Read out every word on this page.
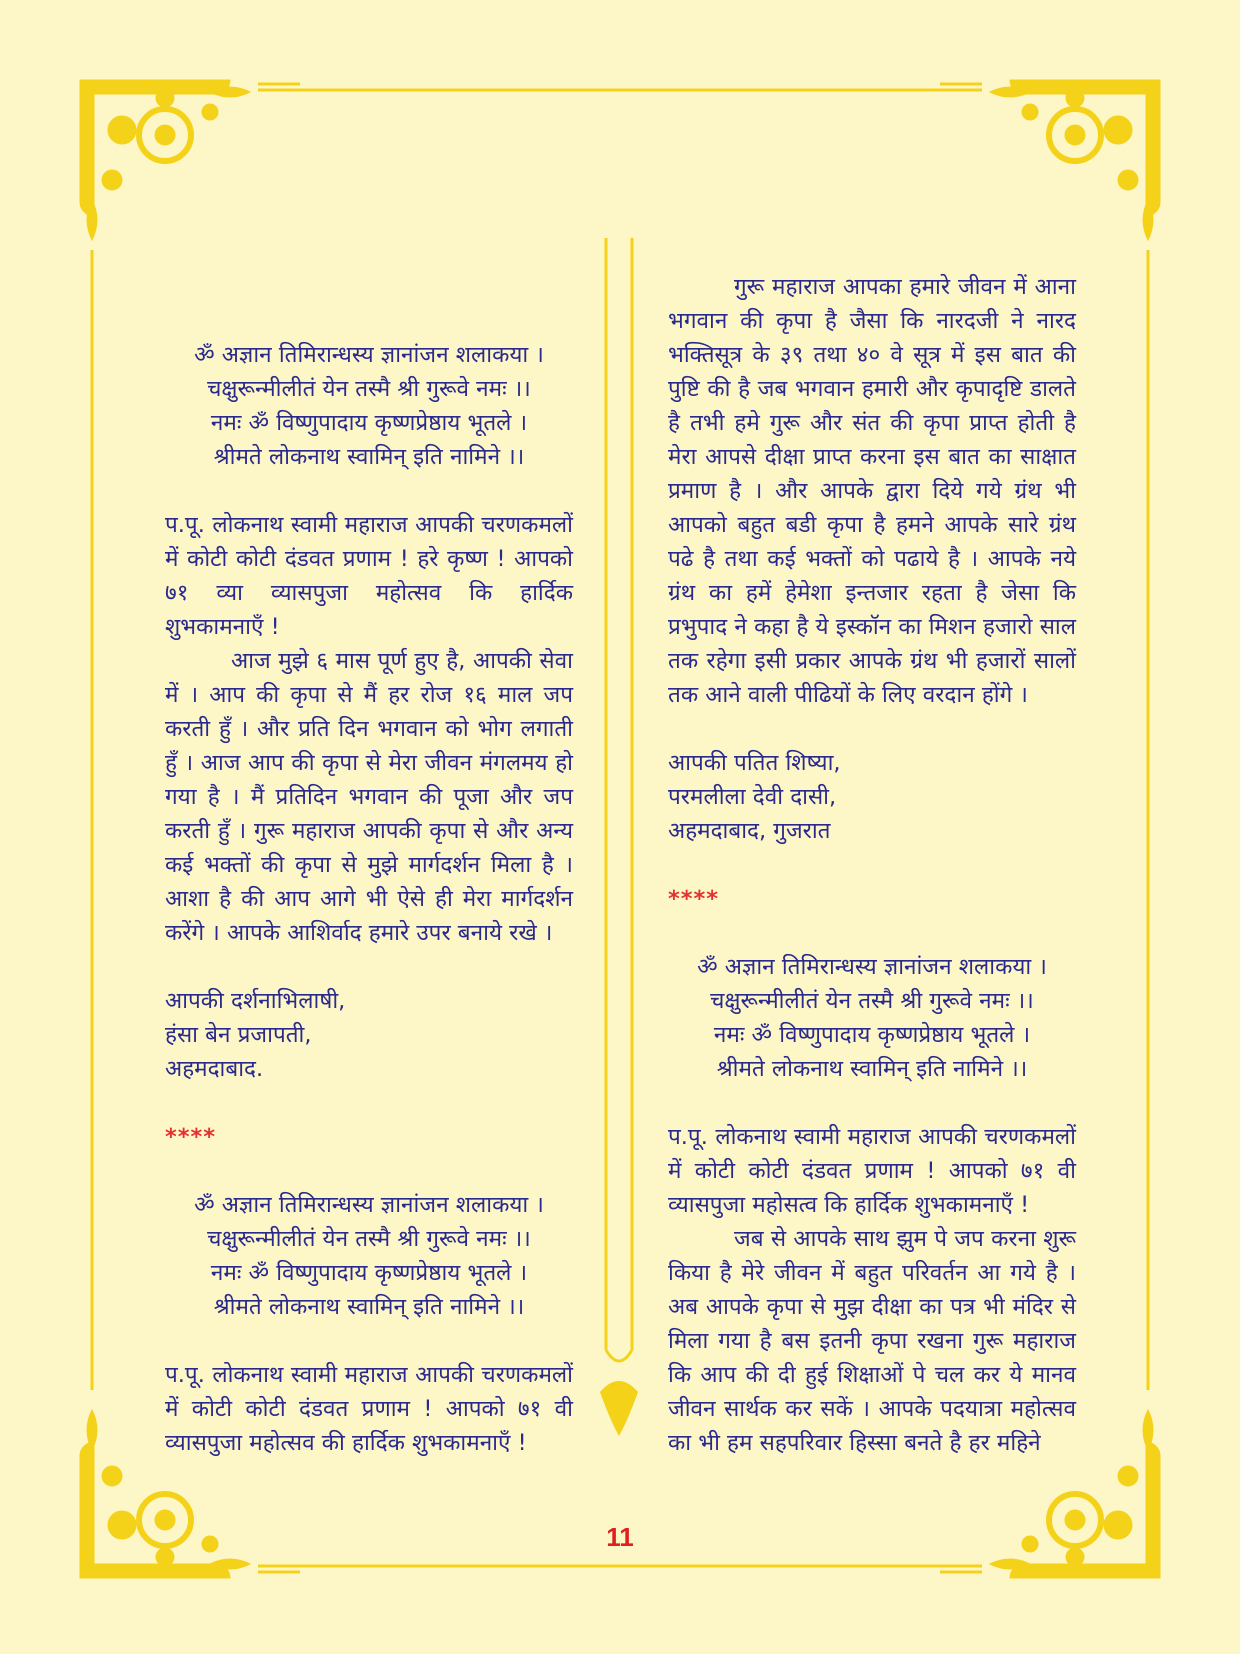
ॐ अज्ञान तिमिरान्धस्य ज्ञानांजन शलाकया ।
चक्षुरून्मीलीतं येन तस्मै श्री गुरूवे नमः ।।
नमः ॐ विष्णुपादाय कृष्णप्रेष्ठाय भूतले ।
श्रीमते लोकनाथ स्वामिन् इति नामिने ।।

प.पू. लोकनाथ स्वामी महाराज आपकी चरणकमलों में कोटी कोटी दंडवत प्रणाम ! हरे कृष्ण ! आपको ७१ व्या व्यासपुजा महोत्सव कि हार्दिक शुभकामनाएँ !

आज मुझे ६ मास पूर्ण हुए है, आपकी सेवा में । आप की कृपा से मैं हर रोज १६ माल जप करती हुँ । और प्रति दिन भगवान को भोग लगाती हुँ । आज आप की कृपा से मेरा जीवन मंगलमय हो गया है । मैं प्रतिदिन भगवान की पूजा और जप करती हुँ । गुरू महाराज आपकी कृपा से और अन्य कई भक्तों की कृपा से मुझे मार्गदर्शन मिला है । आशा है की आप आगे भी ऐसे ही मेरा मार्गदर्शन करेंगे । आपके आशिर्वाद हमारे उपर बनाये रखे ।

आपकी दर्शनाभिलाषी,
हंसा बेन प्रजापती,
अहमदाबाद.

****

ॐ अज्ञान तिमिरान्धस्य ज्ञानांजन शलाकया ।
चक्षुरून्मीलीतं येन तस्मै श्री गुरूवे नमः ।।
नमः ॐ विष्णुपादाय कृष्णप्रेष्ठाय भूतले ।
श्रीमते लोकनाथ स्वामिन् इति नामिने ।।

प.पू. लोकनाथ स्वामी महाराज आपकी चरणकमलों में कोटी कोटी दंडवत प्रणाम ! आपको ७१ वी व्यासपुजा महोत्सव की हार्दिक शुभकामनाएँ !

गुरू महाराज आपका हमारे जीवन में आना भगवान की कृपा है जैसा कि नारदजी ने नारद भक्तिसूत्र के ३९ तथा ४० वे सूत्र में इस बात की पुष्टि की है जब भगवान हमारी और कृपादृष्टि डालते है तभी हमे गुरू और संत की कृपा प्राप्त होती है मेरा आपसे दीक्षा प्राप्त करना इस बात का साक्षात प्रमाण है । और आपके द्वारा दिये गये ग्रंथ भी आपको बहुत बडी कृपा है हमने आपके सारे ग्रंथ पढे है तथा कई भक्तों को पढाये है । आपके नये ग्रंथ का हमें हेमेशा इन्तजार रहता है जेसा कि प्रभुपाद ने कहा है ये इस्कॉन का मिशन हजारो साल तक रहेगा इसी प्रकार आपके ग्रंथ भी हजारों सालों तक आने वाली पीढियों के लिए वरदान होंगे ।

आपकी पतित शिष्या,
परमलीला देवी दासी,
अहमदाबाद, गुजरात

****

ॐ अज्ञान तिमिरान्धस्य ज्ञानांजन शलाकया ।
चक्षुरून्मीलीतं येन तस्मै श्री गुरूवे नमः ।।
नमः ॐ विष्णुपादाय कृष्णप्रेष्ठाय भूतले ।
श्रीमते लोकनाथ स्वामिन् इति नामिने ।।

प.पू. लोकनाथ स्वामी महाराज आपकी चरणकमलों में कोटी कोटी दंडवत प्रणाम ! आपको ७१ वी व्यासपुजा महोसत्व कि हार्दिक शुभकामनाएँ !

जब से आपके साथ झुम पे जप करना शुरू किया है मेरे जीवन में बहुत परिवर्तन आ गये है । अब आपके कृपा से मुझ दीक्षा का पत्र भी मंदिर से मिला गया है बस इतनी कृपा रखना गुरू महाराज कि आप की दी हुई शिक्षाओं पे चल कर ये मानव जीवन सार्थक कर सकें । आपके पदयात्रा महोत्सव का भी हम सहपरिवार हिस्सा बनते है हर महिने

11
